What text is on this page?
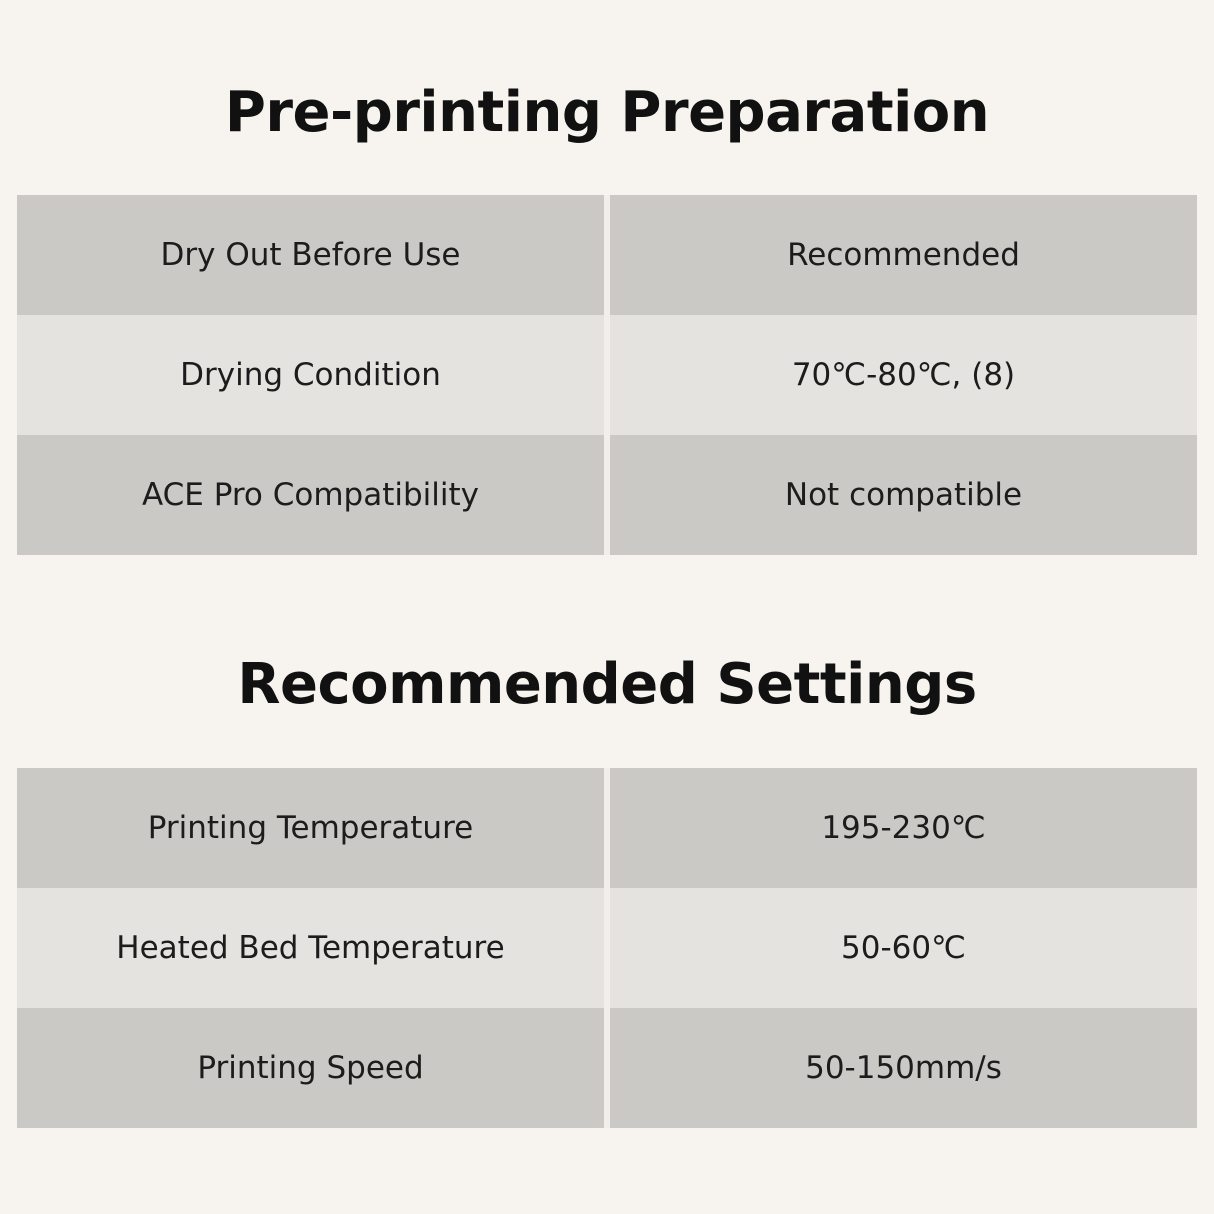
Pre-printing Preparation
Dry Out Before Use	Recommended
Drying Condition	70℃-80℃, (8)
ACE Pro Compatibility	Not compatible
Recommended Settings
Printing Temperature	195-230℃
Heated Bed Temperature	50-60℃
Printing Speed	50-150mm/s
